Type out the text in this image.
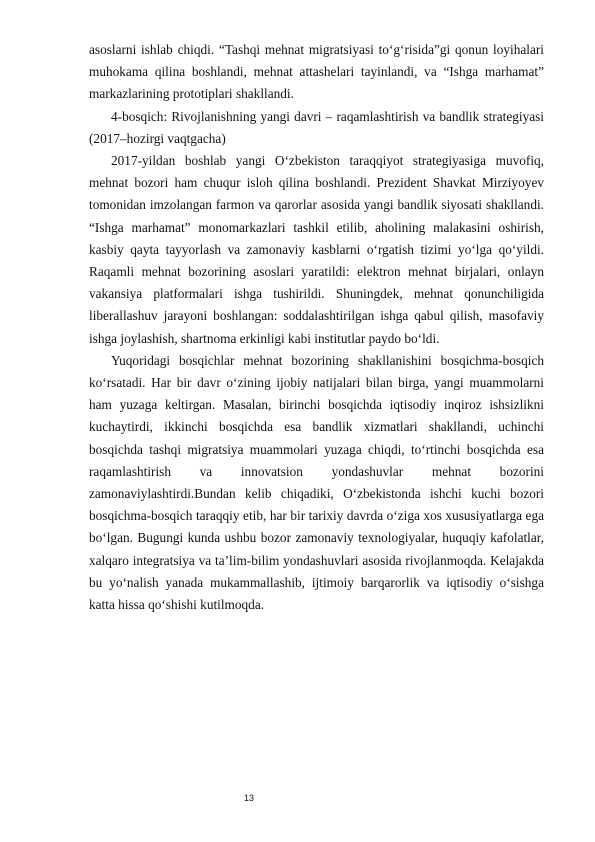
asoslarni ishlab chiqdi. “Tashqi mehnat migratsiyasi to‘g‘risida”gi qonun loyihalari muhokama qilina boshlandi, mehnat attashelari tayinlandi, va “Ishga marhamat” markazlarining prototiplari shakllandi.

4-bosqich: Rivojlanishning yangi davri – raqamlashtirish va bandlik strategiyasi (2017–hozirgi vaqtgacha)

2017-yildan boshlab yangi O‘zbekiston taraqqiyot strategiyasiga muvofiq, mehnat bozori ham chuqur isloh qilina boshlandi. Prezident Shavkat Mirziyoyev tomonidan imzolangan farmon va qarorlar asosida yangi bandlik siyosati shakllandi. “Ishga marhamat” monomarkazlari tashkil etilib, aholining malakasini oshirish, kasbiy qayta tayyorlash va zamonaviy kasblarni o‘rgatish tizimi yo‘lga qo‘yildi. Raqamli mehnat bozorining asoslari yaratildi: elektron mehnat birjalari, onlayn vakansiya platformalari ishga tushirildi. Shuningdek, mehnat qonunchiligida liberallashuv jarayoni boshlangan: soddalashtirilgan ishga qabul qilish, masofaviy ishga joylashish, shartnoma erkinligi kabi institutlar paydo bo‘ldi.

Yuqoridagi bosqichlar mehnat bozorining shakllanishini bosqichma-bosqich ko‘rsatadi. Har bir davr o‘zining ijobiy natijalari bilan birga, yangi muammolarni ham yuzaga keltirgan. Masalan, birinchi bosqichda iqtisodiy inqiroz ishsizlikni kuchaytirdi, ikkinchi bosqichda esa bandlik xizmatlari shakllandi, uchinchi bosqichda tashqi migratsiya muammolari yuzaga chiqdi, to‘rtinchi bosqichda esa raqamlashtirish va innovatsion yondashuvlar mehnat bozorini zamonaviylashtirdi.Bundan kelib chiqadiki, O‘zbekistonda ishchi kuchi bozori bosqichma-bosqich taraqqiy etib, har bir tarixiy davrda o‘ziga xos xususiyatlarga ega bo‘lgan. Bugungi kunda ushbu bozor zamonaviy texnologiyalar, huquqiy kafolatlar, xalqaro integratsiya va ta’lim-bilim yondashuvlari asosida rivojlanmoqda. Kelajakda bu yo‘nalish yanada mukammallashib, ijtimoiy barqarorlik va iqtisodiy o‘sishga katta hissa qo‘shishi kutilmoqda.

13
